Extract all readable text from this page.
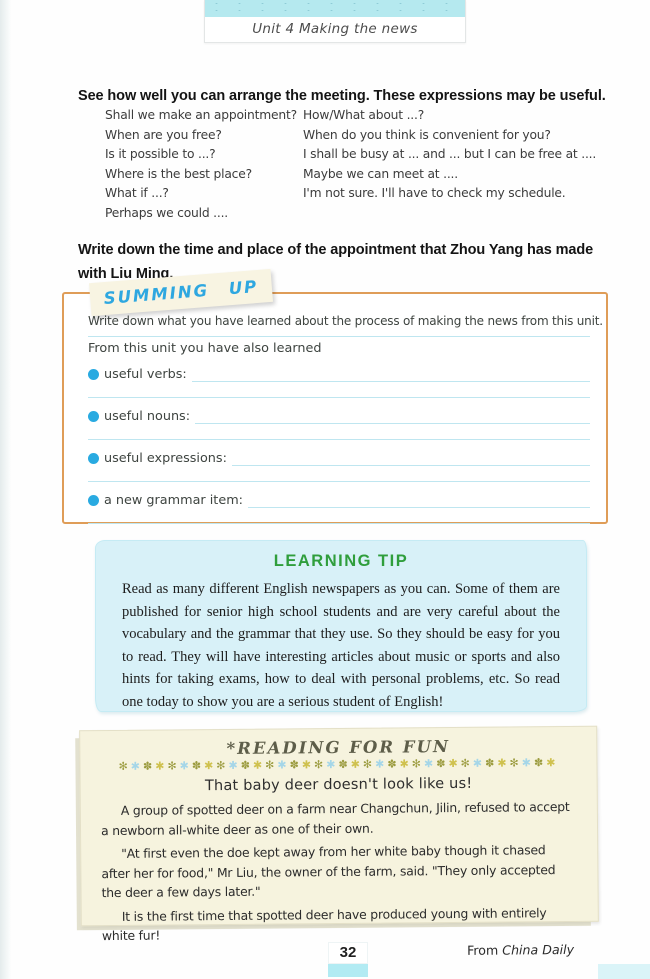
Unit 4 Making the news
See how well you can arrange the meeting. These expressions may be useful.
Shall we make an appointment?
When are you free?
Is it possible to ...?
Where is the best place?
What if ...?
Perhaps we could ....
How/What about ...?
When do you think is convenient for you?
I shall be busy at ... and ... but I can be free at ....
Maybe we can meet at ....
I'm not sure. I'll have to check my schedule.
Write down the time and place of the appointment that Zhou Yang has made with Liu Ming.
SUMMING UP
Write down what you have learned about the process of making the news from this unit.
From this unit you have also learned
useful verbs:
useful nouns:
useful expressions:
a new grammar item:
LEARNING TIP
Read as many different English newspapers as you can. Some of them are published for senior high school students and are very careful about the vocabulary and the grammar that they use. So they should be easy for you to read. They will have interesting articles about music or sports and also hints for taking exams, how to deal with personal problems, etc. So read one today to show you are a serious student of English!
*READING FOR FUN
✻✱✽✱✻✱✽✱✻✱✽✱✻✱✽✱✻✱✽✱✻✱✽✱✻✱✽✱✻✱✽✱✻✱✽✱
That baby deer doesn't look like us!
A group of spotted deer on a farm near Changchun, Jilin, refused to accept a newborn all-white deer as one of their own.
"At first even the doe kept away from her white baby though it chased after her for food," Mr Liu, the owner of the farm, said. "They only accepted the deer a few days later."
It is the first time that spotted deer have produced young with entirely white fur!
From China Daily
32
